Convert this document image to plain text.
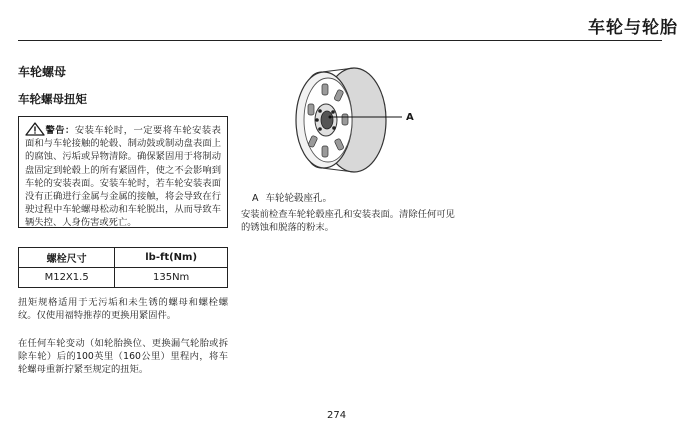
车轮与轮胎
车轮螺母
车轮螺母扭矩
警告：安装车轮时，一定要将车轮安装表面和与车轮接触的轮毂、制动鼓或制动盘表面上的腐蚀、污垢或异物清除。确保紧固用于将制动盘固定到轮毂上的所有紧固件，使之不会影响到车轮的安装表面。安装车轮时，若车轮安装表面没有正确进行金属与金属的接触，将会导致在行驶过程中车轮螺母松动和车轮脱出，从而导致车辆失控、人身伤害或死亡。
螺栓尺寸	lb-ft(Nm)
M12X1.5	135Nm
扭矩规格适用于无污垢和未生锈的螺母和螺栓螺纹。仅使用福特推荐的更换用紧固件。
在任何车轮变动（如轮胎换位、更换漏气轮胎或拆除车轮）后的100英里（160公里）里程内，将车轮螺母重新拧紧至规定的扭矩。
A
A 车轮轮毂座孔。
安装前检查车轮轮毂座孔和安装表面。清除任何可见的锈蚀和脱落的粉末。
274
